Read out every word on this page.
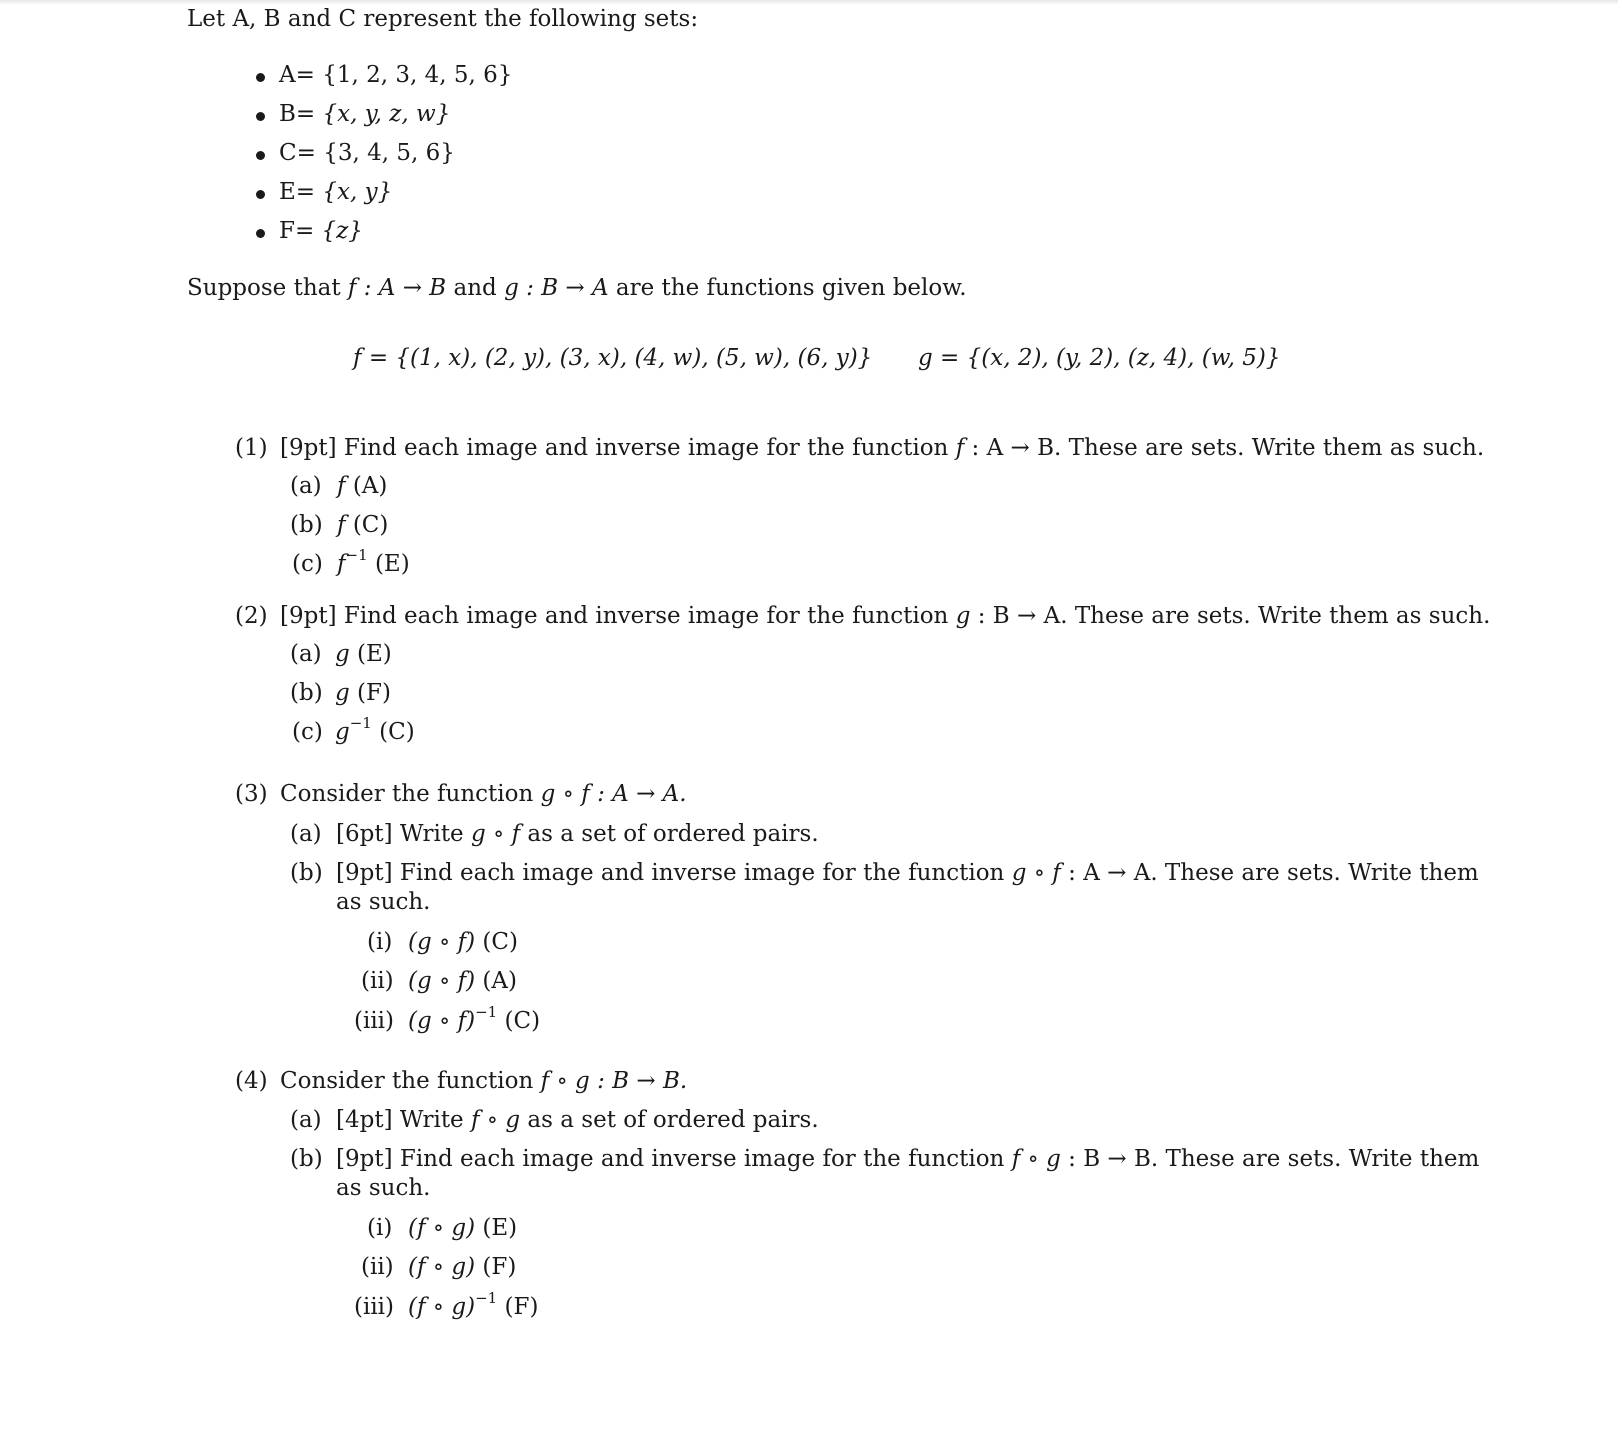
Let A, B and C represent the following sets:
A= {1, 2, 3, 4, 5, 6}
B= {x, y, z, w}
C= {3, 4, 5, 6}
E= {x, y}
F= {z}
Suppose that f : A → B and g : B → A are the functions given below.
f = {(1, x), (2, y), (3, x), (4, w), (5, w), (6, y)} g = {(x, 2), (y, 2), (z, 4), (w, 5)}
(1) [9pt] Find each image and inverse image for the function f : A → B. These are sets. Write them as such.
(a) f (A)
(b) f (C)
(c) $f^{-1}$ (E)
(2) [9pt] Find each image and inverse image for the function g : B → A. These are sets. Write them as such.
(a) g (E)
(b) g (F)
(c) $g^{-1}$ (C)
(3) Consider the function g ∘ f : A → A.
(a) [6pt] Write g ∘ f as a set of ordered pairs.
(b) [9pt] Find each image and inverse image for the function g ∘ f : A → A. These are sets. Write them
as such.
(i) (g ∘ f) (C)
(ii) (g ∘ f) (A)
(iii) (g ∘ f)$^{-1}$ (C)
(4) Consider the function f ∘ g : B → B.
(a) [4pt] Write f ∘ g as a set of ordered pairs.
(b) [9pt] Find each image and inverse image for the function f ∘ g : B → B. These are sets. Write them
as such.
(i) (f ∘ g) (E)
(ii) (f ∘ g) (F)
(iii) (f ∘ g)$^{-1}$ (F)
